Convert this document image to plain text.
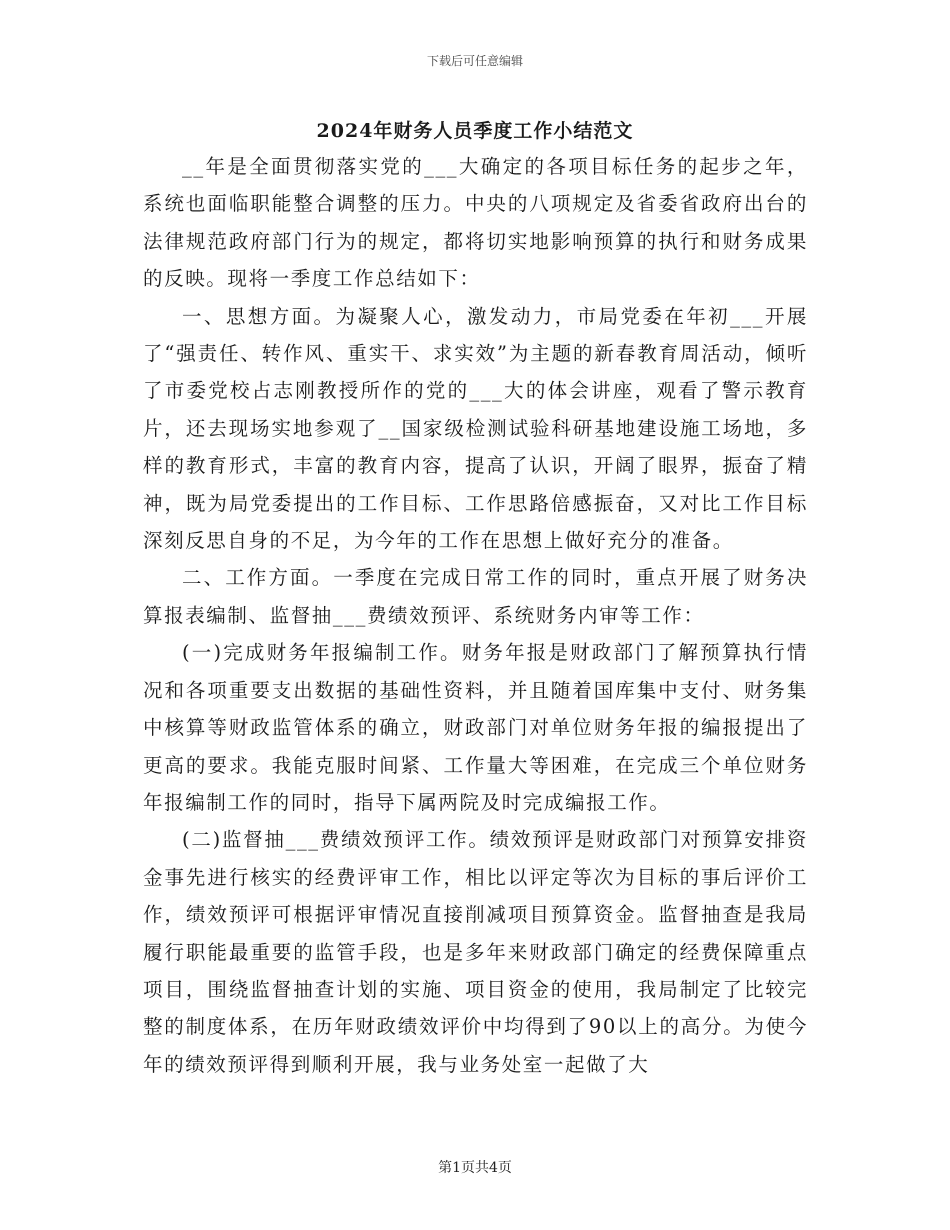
下载后可任意编辑
2024年财务人员季度工作小结范文

__年是全面贯彻落实党的___大确定的各项目标任务的起步之年，系统也面临职能整合调整的压力。中央的八项规定及省委省政府出台的法律规范政府部门行为的规定，都将切实地影响预算的执行和财务成果的反映。现将一季度工作总结如下：

一、思想方面。为凝聚人心，激发动力，市局党委在年初___开展了“强责任、转作风、重实干、求实效”为主题的新春教育周活动，倾听了市委党校占志刚教授所作的党的___大的体会讲座，观看了警示教育片，还去现场实地参观了__国家级检测试验科研基地建设施工场地，多样的教育形式，丰富的教育内容，提高了认识，开阔了眼界，振奋了精神，既为局党委提出的工作目标、工作思路倍感振奋，又对比工作目标深刻反思自身的不足，为今年的工作在思想上做好充分的准备。

二、工作方面。一季度在完成日常工作的同时，重点开展了财务决算报表编制、监督抽___费绩效预评、系统财务内审等工作：

(一)完成财务年报编制工作。财务年报是财政部门了解预算执行情况和各项重要支出数据的基础性资料，并且随着国库集中支付、财务集中核算等财政监管体系的确立，财政部门对单位财务年报的编报提出了更高的要求。我能克服时间紧、工作量大等困难，在完成三个单位财务年报编制工作的同时，指导下属两院及时完成编报工作。

(二)监督抽___费绩效预评工作。绩效预评是财政部门对预算安排资金事先进行核实的经费评审工作，相比以评定等次为目标的事后评价工作，绩效预评可根据评审情况直接削减项目预算资金。监督抽查是我局履行职能最重要的监管手段，也是多年来财政部门确定的经费保障重点项目，围绕监督抽查计划的实施、项目资金的使用，我局制定了比较完整的制度体系，在历年财政绩效评价中均得到了90以上的高分。为使今年的绩效预评得到顺利开展，我与业务处室一起做了大

第1页共4页
